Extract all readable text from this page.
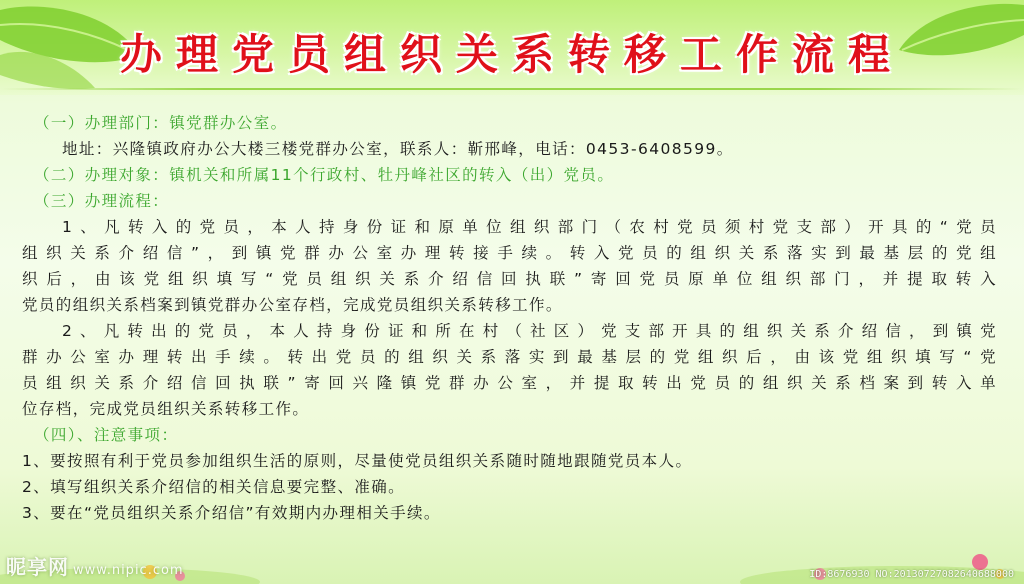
办理党员组织关系转移工作流程
（一）办理部门：镇党群办公室。
地址：兴隆镇政府办公大楼三楼党群办公室，联系人：靳邢峰，电话：0453-6408599。
（二）办理对象：镇机关和所属11个行政村、牡丹峰社区的转入（出）党员。
（三）办理流程：
1、凡转入的党员，本人持身份证和原单位组织部门（农村党员须村党支部）开具的“党员
组织关系介绍信”，到镇党群办公室办理转接手续。转入党员的组织关系落实到最基层的党组
织后，由该党组织填写“党员组织关系介绍信回执联”寄回党员原单位组织部门，并提取转入
党员的组织关系档案到镇党群办公室存档，完成党员组织关系转移工作。
2、凡转出的党员，本人持身份证和所在村（社区）党支部开具的组织关系介绍信，到镇党
群办公室办理转出手续。转出党员的组织关系落实到最基层的党组织后，由该党组织填写“党
员组织关系介绍信回执联”寄回兴隆镇党群办公室，并提取转出党员的组织关系档案到转入单
位存档，完成党员组织关系转移工作。
（四）、注意事项：
1、要按照有利于党员参加组织生活的原则，尽量使党员组织关系随时随地跟随党员本人。
2、填写组织关系介绍信的相关信息要完整、准确。
3、要在“党员组织关系介绍信”有效期内办理相关手续。
昵享网 www.nipic.com	ID:8676930 NO:20130727082640688000
